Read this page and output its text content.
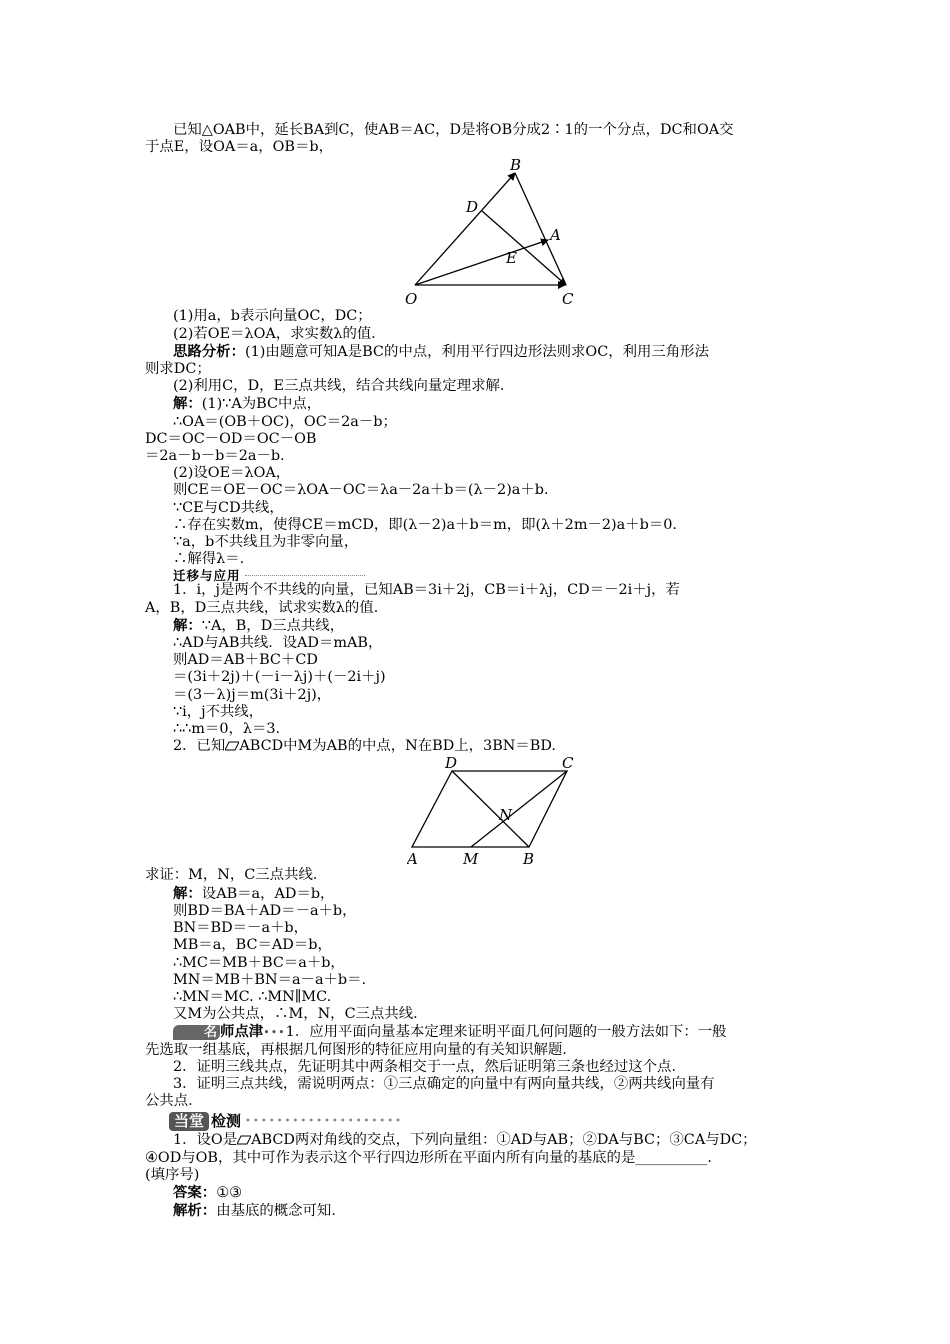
已知△OAB中，延长BA到C，使AB＝AC，D是将OB分成2∶1的一个分点，DC和OA交

于点E，设OA＝a，OB＝b，

B
D
A
E
O	C

(1)用a，b表示向量OC，DC；

(2)若OE＝λOA，求实数λ的值．

思路分析：(1)由题意可知A是BC的中点，利用平行四边形法则求OC，利用三角形法

则求DC；

(2)利用C，D，E三点共线，结合共线向量定理求解．

解：(1)∵A为BC中点，

∴OA＝(OB＋OC)，OC＝2a－b；

DC＝OC－OD＝OC－OB

＝2a－b－b＝2a－b.

(2)设OE＝λOA，

则CE＝OE－OC＝λOA－OC＝λa－2a＋b＝(λ－2)a＋b.

∵CE与CD共线，

∴存在实数m，使得CE＝mCD，即(λ－2)a＋b＝m，即(λ＋2m－2)a＋b＝0.

∵a，b不共线且为非零向量，

∴解得λ＝.

迁移与应用

1．i，j是两个不共线的向量，已知AB＝3i＋2j，CB＝i＋λj，CD＝－2i＋j，若

A，B，D三点共线，试求实数λ的值．

解：∵A，B，D三点共线，

∴AD与AB共线．设AD＝mAB，

则AD＝AB＋BC＋CD

＝(3i＋2j)＋(－i－λj)＋(－2i＋j)

＝(3－λ)j＝m(3i＋2j)，

∵i，j不共线，

∴∴m＝0，λ＝3.

2．已知 ABCD中M为AB的中点，N在BD上，3BN＝BD.

D	C
N
A	M	B

求证：M，N，C三点共线．

解：设AB＝a，AD＝b，

则BD＝BA＋AD＝－a＋b，

BN＝BD＝－a＋b，

MB＝a，BC＝AD＝b，

∴MC＝MB＋BC＝a＋b，

MN＝MB＋BN＝a－a＋b＝.

∴MN＝MC. ∴MN∥MC.

又M为公共点，∴M，N，C三点共线．

名 师点津•••1．应用平面向量基本定理来证明平面几何问题的一般方法如下：一般

先选取一组基底，再根据几何图形的特征应用向量的有关知识解题．

2．证明三线共点，先证明其中两条相交于一点，然后证明第三条也经过这个点．

3．证明三点共线，需说明两点：①三点确定的向量中有两向量共线，②两共线向量有

公共点．

当堂 检测 ••••••••••••••••••••

1．设O是 ABCD两对角线的交点，下列向量组：①AD与AB；②DA与BC；③CA与DC；

④OD与OB，其中可作为表示这个平行四边形所在平面内所有向量的基底的是__________.

(填序号)

答案：①③

解析：由基底的概念可知．
